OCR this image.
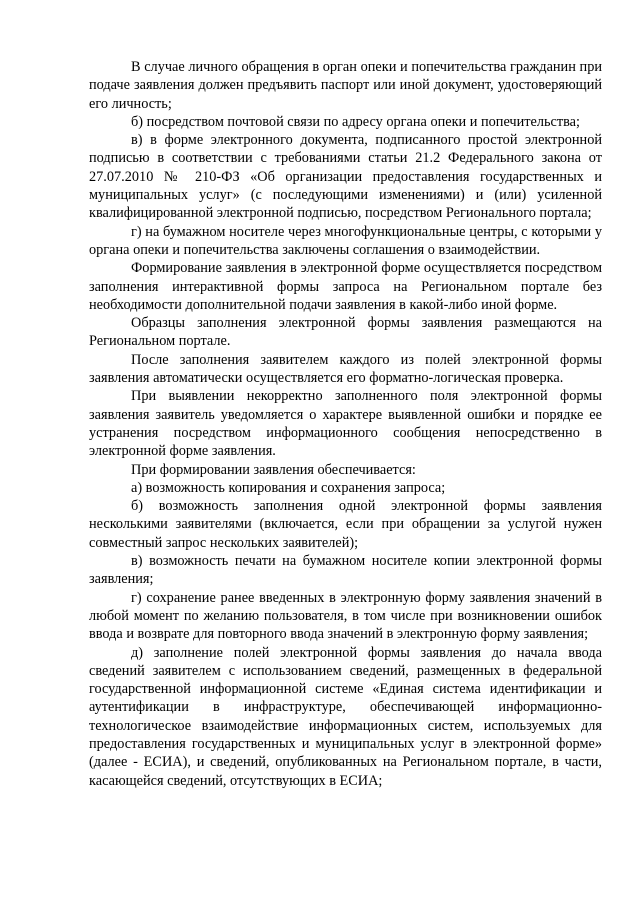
В случае личного обращения в орган опеки и попечительства гражданин при подаче заявления должен предъявить паспорт или иной документ, удостоверяющий его личность;

б) посредством почтовой связи по адресу органа опеки и попечительства;

в) в форме электронного документа, подписанного простой электронной подписью в соответствии с требованиями статьи 21.2 Федерального закона от 27.07.2010 № 210-ФЗ «Об организации предоставления государственных и муниципальных услуг» (с последующими изменениями) и (или) усиленной квалифицированной электронной подписью, посредством Регионального портала;

г) на бумажном носителе через многофункциональные центры, с которыми у органа опеки и попечительства заключены соглашения о взаимодействии.

Формирование заявления в электронной форме осуществляется посредством заполнения интерактивной формы запроса на Региональном портале без необходимости дополнительной подачи заявления в какой-либо иной форме.

Образцы заполнения электронной формы заявления размещаются на Региональном портале.

После заполнения заявителем каждого из полей электронной формы заявления автоматически осуществляется его форматно-логическая проверка.

При выявлении некорректно заполненного поля электронной формы заявления заявитель уведомляется о характере выявленной ошибки и порядке ее устранения посредством информационного сообщения непосредственно в электронной форме заявления.

При формировании заявления обеспечивается:

а) возможность копирования и сохранения запроса;

б) возможность заполнения одной электронной формы заявления несколькими заявителями (включается, если при обращении за услугой нужен совместный запрос нескольких заявителей);

в) возможность печати на бумажном носителе копии электронной формы заявления;

г) сохранение ранее введенных в электронную форму заявления значений в любой момент по желанию пользователя, в том числе при возникновении ошибок ввода и возврате для повторного ввода значений в электронную форму заявления;

д) заполнение полей электронной формы заявления до начала ввода сведений заявителем с использованием сведений, размещенных в федеральной государственной информационной системе «Единая система идентификации и аутентификации в инфраструктуре, обеспечивающей информационно-технологическое взаимодействие информационных систем, используемых для предоставления государственных и муниципальных услуг в электронной форме» (далее - ЕСИА), и сведений, опубликованных на Региональном портале, в части, касающейся сведений, отсутствующих в ЕСИА;
